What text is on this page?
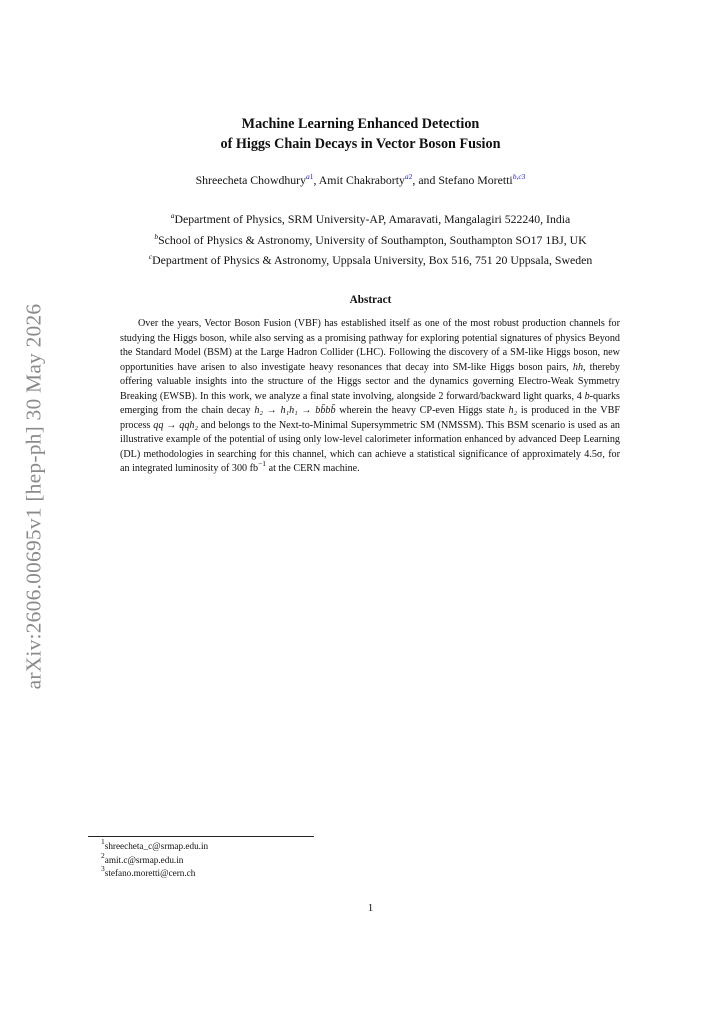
arXiv:2606.00695v1 [hep-ph] 30 May 2026
Machine Learning Enhanced Detection
of Higgs Chain Decays in Vector Boson Fusion
Shreecheta Chowdhury$^{a1}$, Amit Chakraborty$^{a2}$, and Stefano Moretti$^{b,c3}$
$^a$Department of Physics, SRM University-AP, Amaravati, Mangalagiri 522240, India
$^b$School of Physics & Astronomy, University of Southampton, Southampton SO17 1BJ, UK
$^c$Department of Physics & Astronomy, Uppsala University, Box 516, 751 20 Uppsala, Sweden
Abstract
Over the years, Vector Boson Fusion (VBF) has established itself as one of the most robust production channels for studying the Higgs boson, while also serving as a promising pathway for exploring potential signatures of physics Beyond the Standard Model (BSM) at the Large Hadron Collider (LHC). Following the discovery of a SM-like Higgs boson, new opportunities have arisen to also investigate heavy resonances that decay into SM-like Higgs boson pairs, hh, thereby offering valuable insights into the structure of the Higgs sector and the dynamics governing Electro-Weak Symmetry Breaking (EWSB). In this work, we analyze a final state involving, alongside 2 forward/backward light quarks, 4 b-quarks emerging from the chain decay h₂ → h₁h₁ → bb̄bb̄ wherein the heavy CP-even Higgs state h₂ is produced in the VBF process qq → qqh₂ and belongs to the Next-to-Minimal Supersymmetric SM (NMSSM). This BSM scenario is used as an illustrative example of the potential of using only low-level calorimeter information enhanced by advanced Deep Learning (DL) methodologies in searching for this channel, which can achieve a statistical significance of approximately 4.5σ, for an integrated luminosity of 300 fb$^{-1}$ at the CERN machine.
$^1$shreecheta_c@srmap.edu.in
$^2$amit.c@srmap.edu.in
$^3$stefano.moretti@cern.ch
1
